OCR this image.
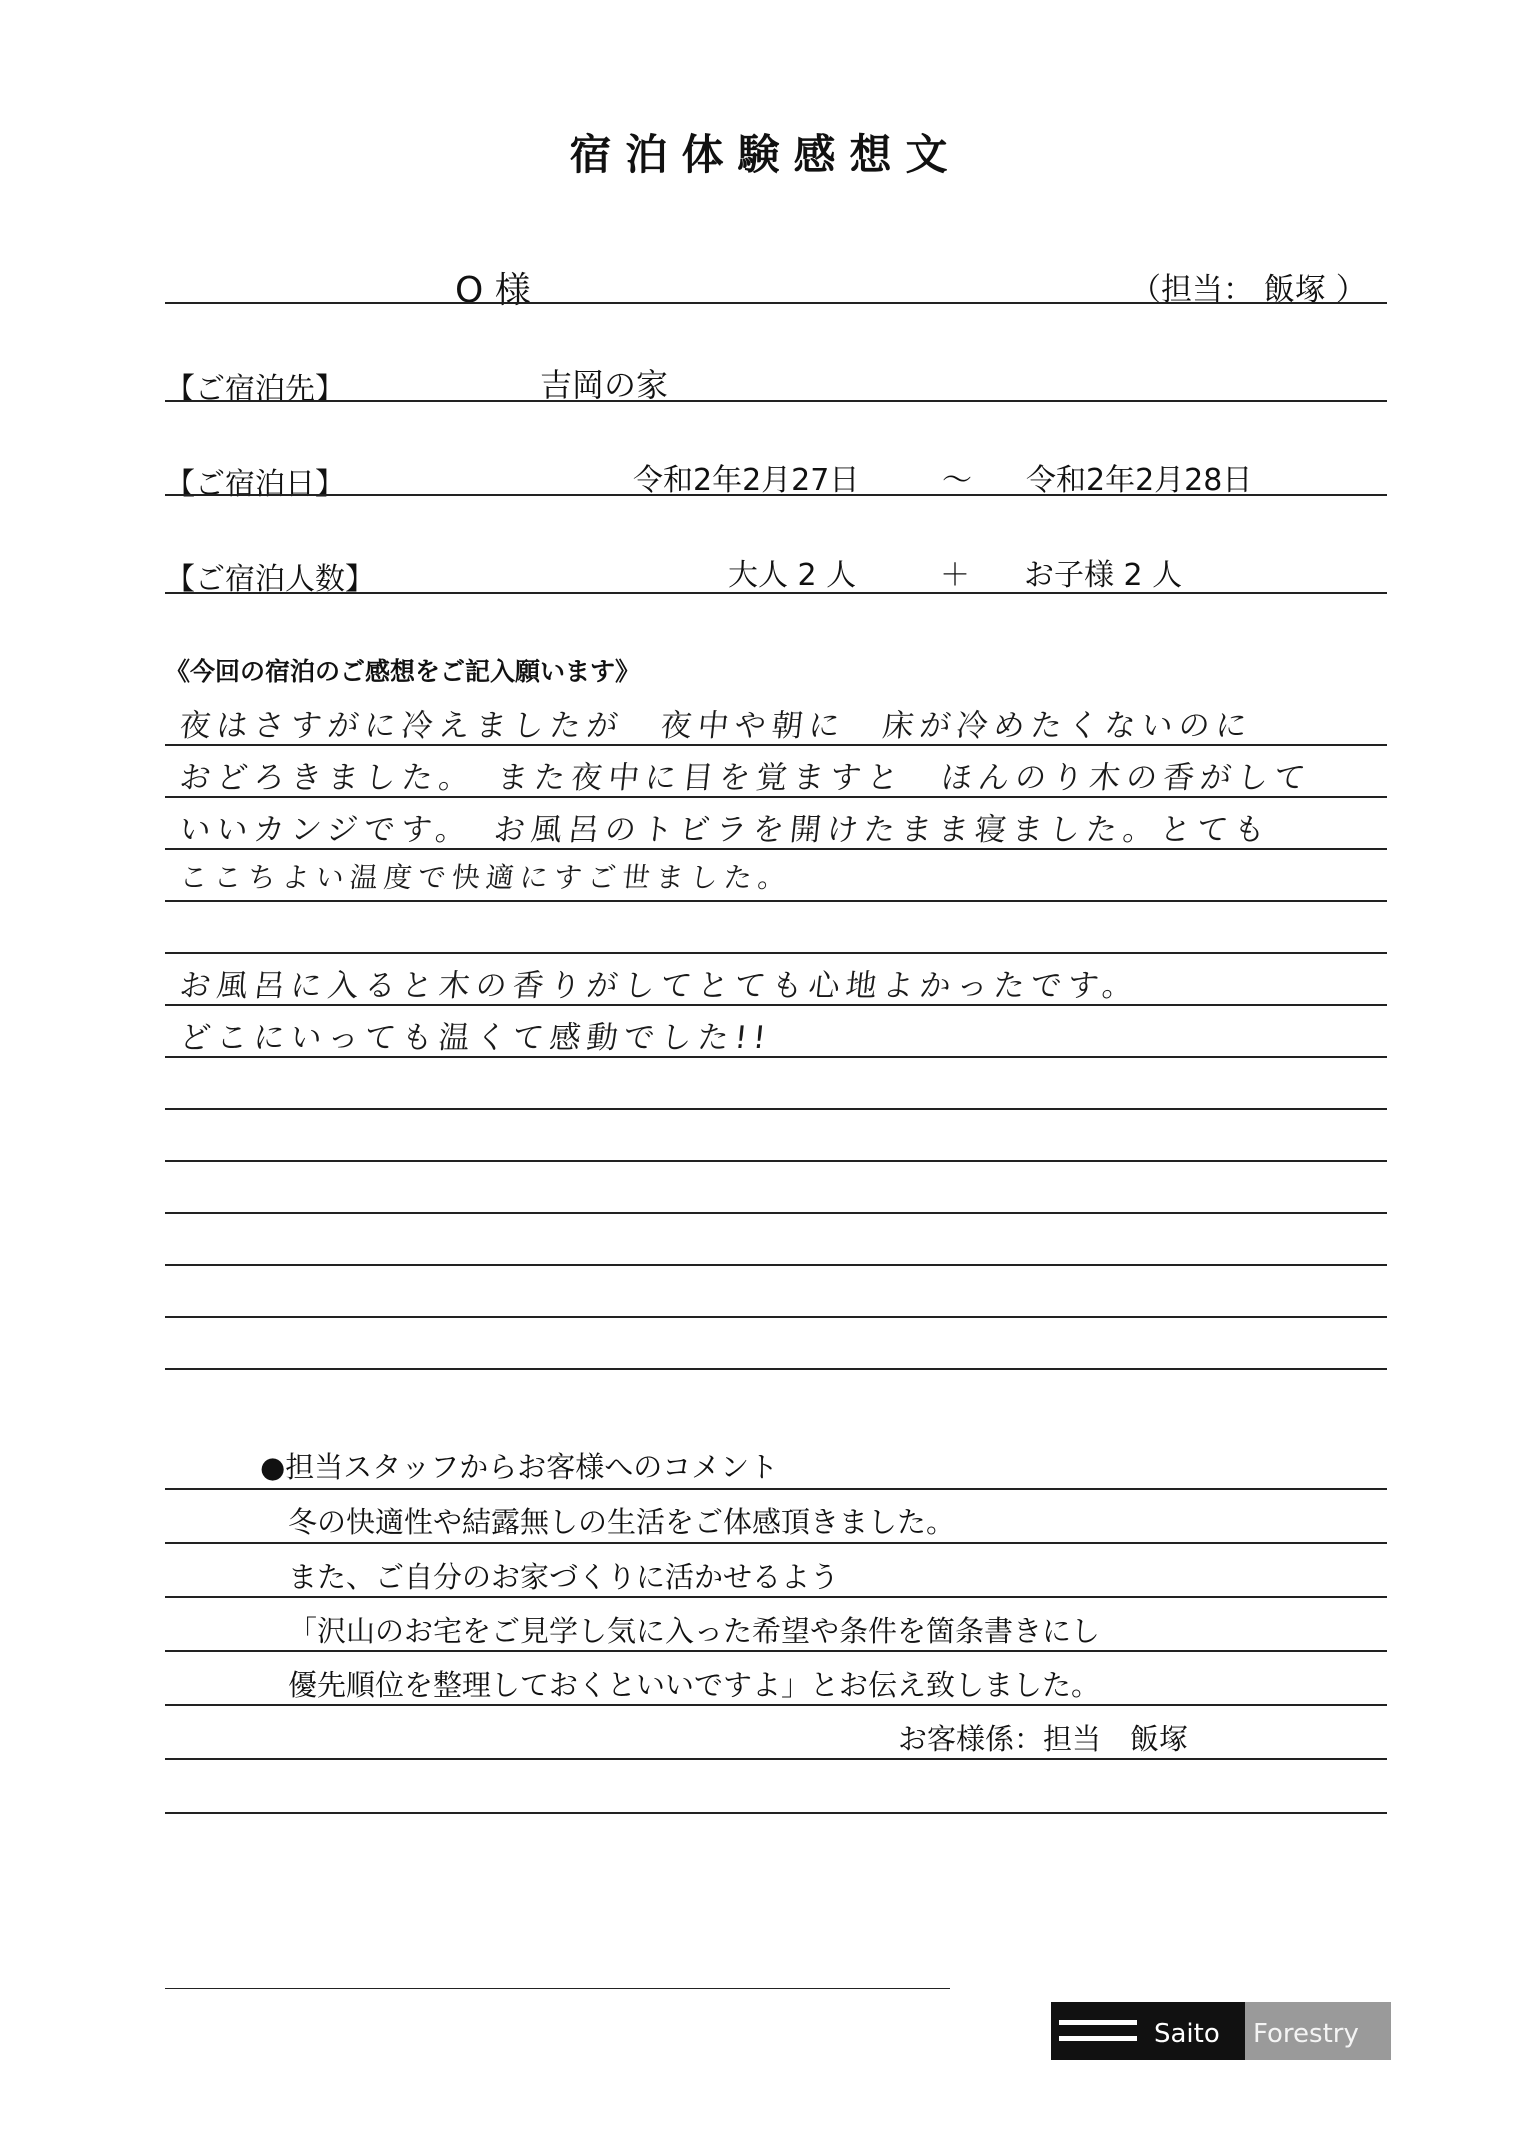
宿泊体験感想文
O 様	（担当： 飯塚 ）
【ご宿泊先】	吉岡の家
【ご宿泊日】	令和2年2月27日	～ 令和2年2月28日
【ご宿泊人数】	大人 2 人	＋ お子様 2 人
《今回の宿泊のご感想をご記入願います》
夜はさすがに冷えましたが　夜中や朝に　床が冷めたくないのに
おどろきました。　また夜中に目を覚ますと　ほんのり木の香がして
いいカンジです。　お風呂のトビラを開けたまま寝ました。とても
ここちよい温度で快適にすご世ました。
お風呂に入ると木の香りがしてとても心地よかったです。
どこにいっても温くて感動でした!!
●担当スタッフからお客様へのコメント
冬の快適性や結露無しの生活をご体感頂きました。
また、ご自分のお家づくりに活かせるよう
「沢山のお宅をご見学し気に入った希望や条件を箇条書きにし
優先順位を整理しておくといいですよ」とお伝え致しました。
お客様係：担当　飯塚
Saito Forestry
